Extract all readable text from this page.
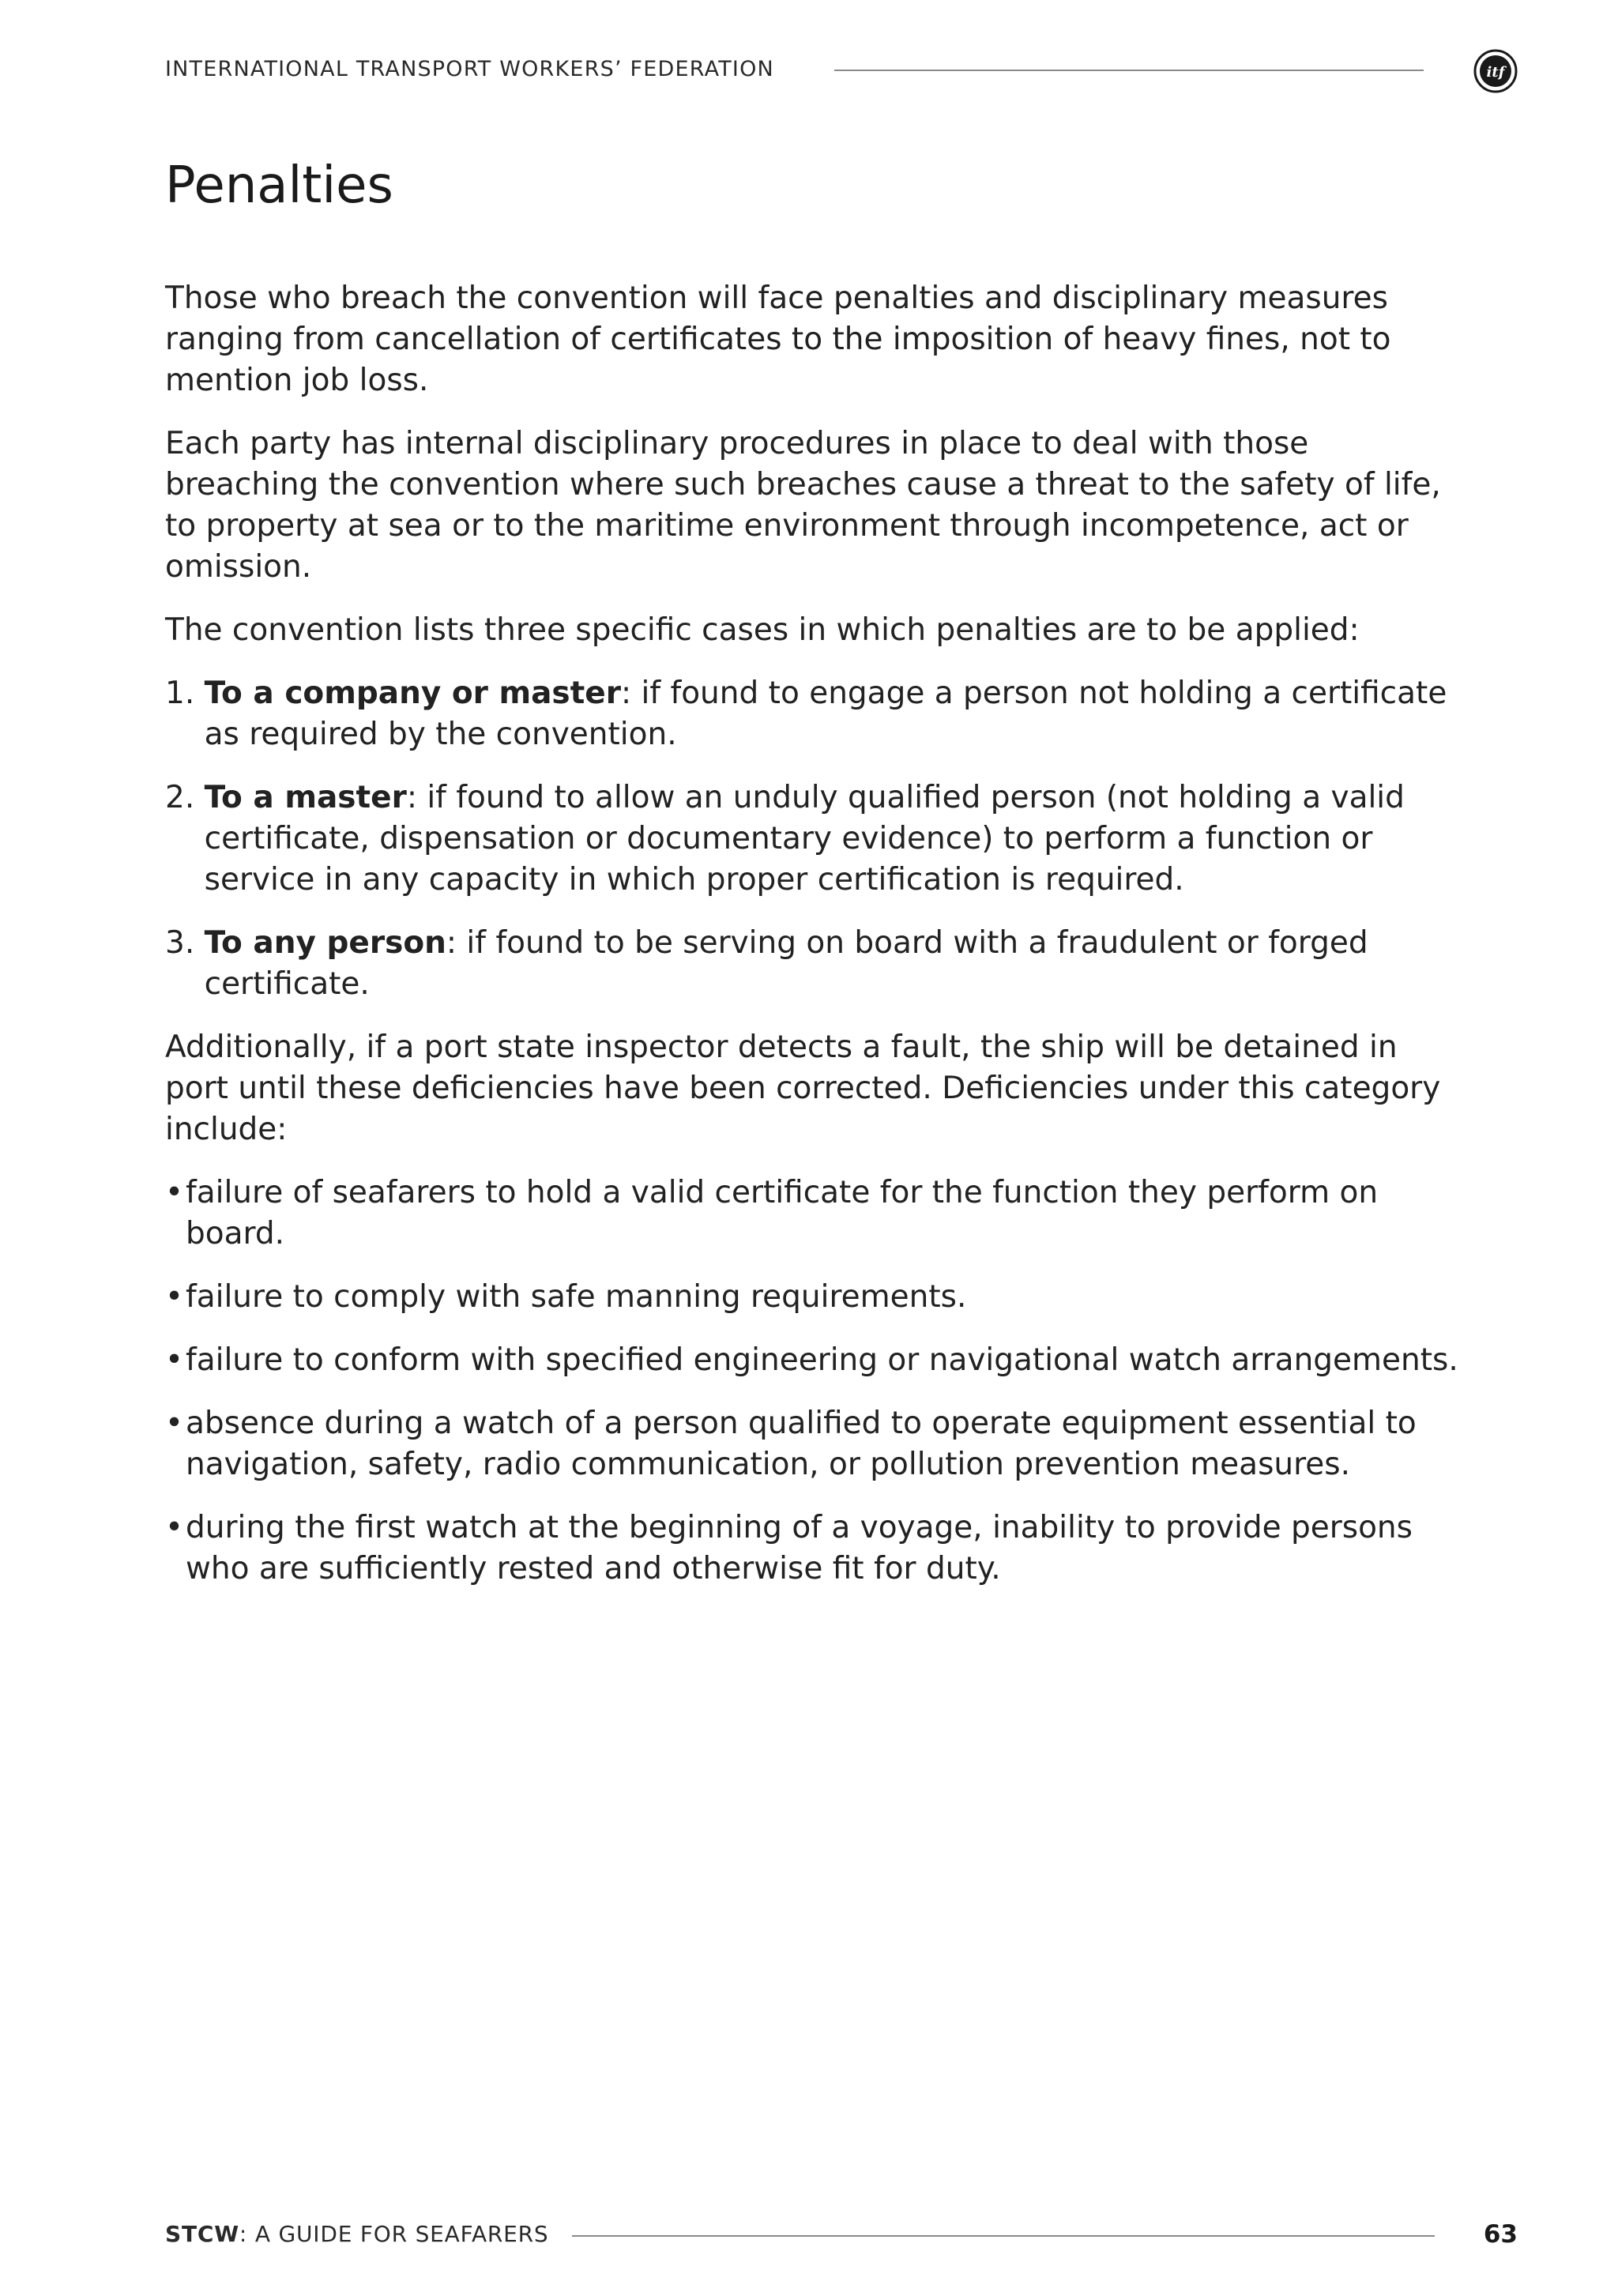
INTERNATIONAL TRANSPORT WORKERS’ FEDERATION	itf
Penalties

Those who breach the convention will face penalties and disciplinary measures ranging from cancellation of certificates to the imposition of heavy fines, not to mention job loss.

Each party has internal disciplinary procedures in place to deal with those breaching the convention where such breaches cause a threat to the safety of life, to property at sea or to the maritime environment through incompetence, act or omission.

The convention lists three specific cases in which penalties are to be applied:

1.
To a company or master: if found to engage a person not holding a certificate as required by the convention.
2.
To a master: if found to allow an unduly qualified person (not holding a valid certificate, dispensation or documentary evidence) to perform a function or service in any capacity in which proper certification is required.
3.
To any person: if found to be serving on board with a fraudulent or forged certificate.

Additionally, if a port state inspector detects a fault, the ship will be detained in port until these deficiencies have been corrected. Deficiencies under this category include:

• failure of seafarers to hold a valid certificate for the function they perform on board.
• failure to comply with safe manning requirements.
• failure to conform with specified engineering or navigational watch arrangements.
• absence during a watch of a person qualified to operate equipment essential to navigation, safety, radio communication, or pollution prevention measures.
• during the first watch at the beginning of a voyage, inability to provide persons who are sufficiently rested and otherwise fit for duty.
STCW: A GUIDE FOR SEAFARERS	63
